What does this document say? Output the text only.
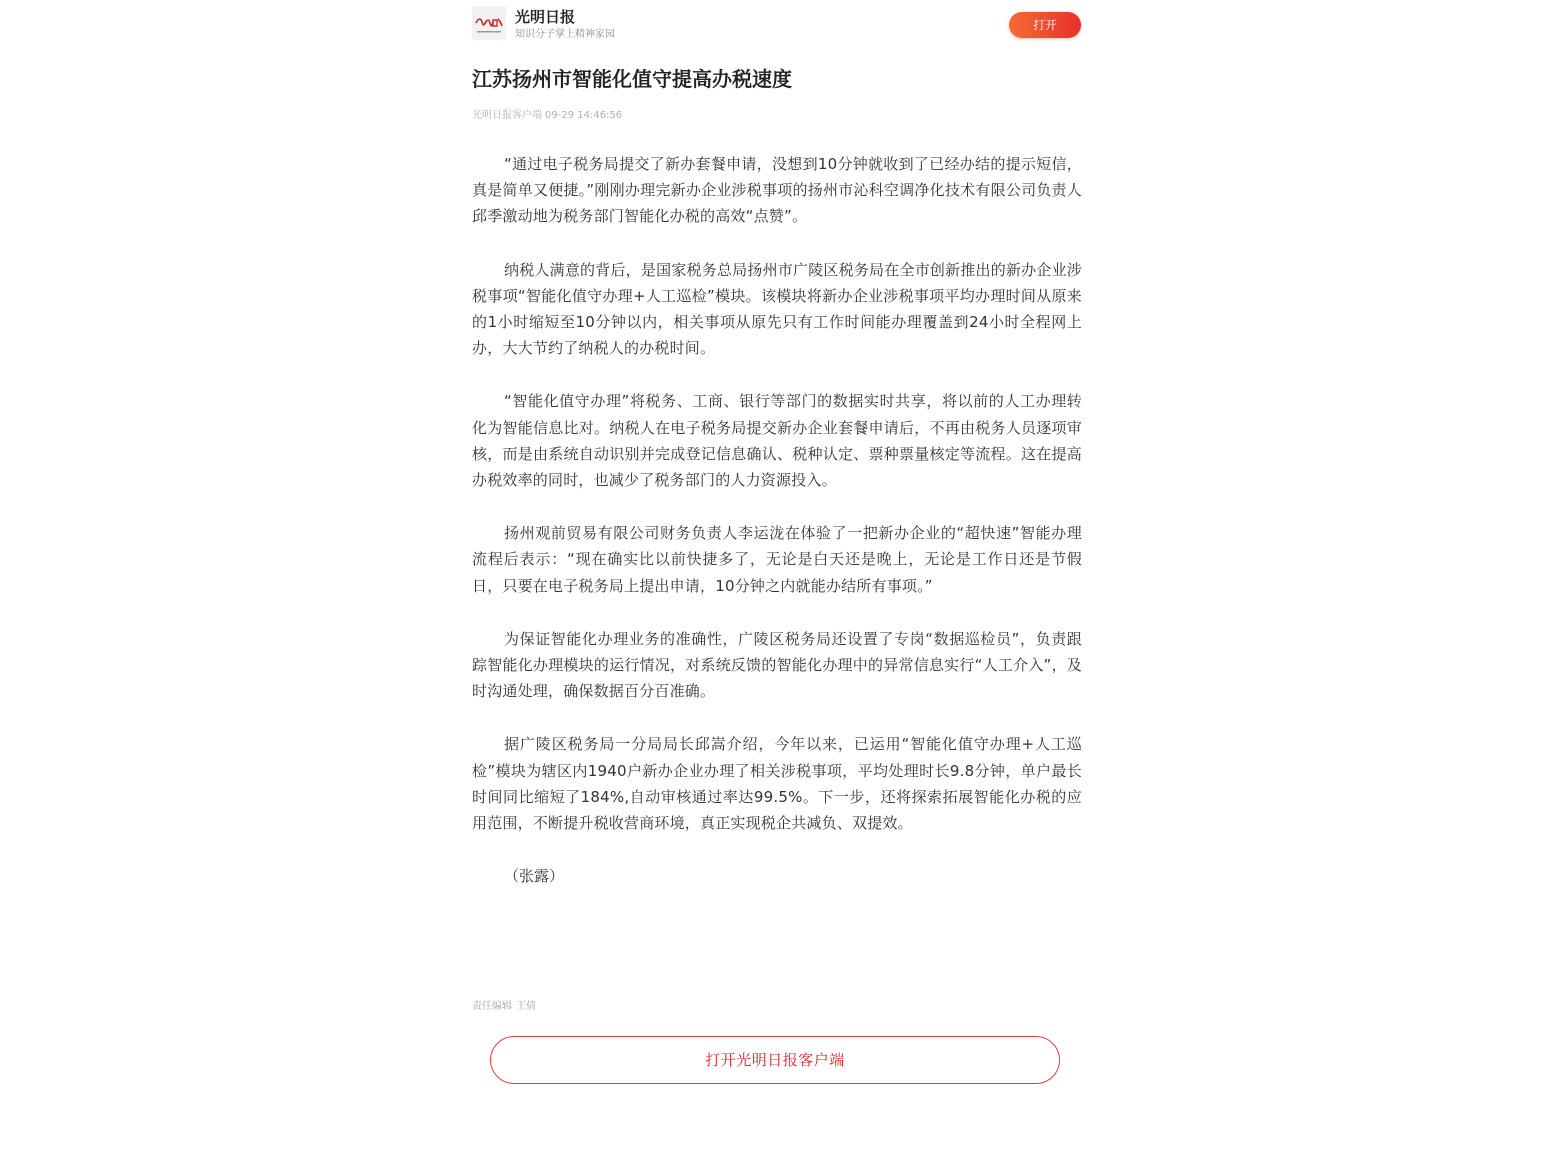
光明日报
知识分子掌上精神家园
打开
江苏扬州市智能化值守提高办税速度
光明日报客户端 09-29 14:46:56

“通过电子税务局提交了新办套餐申请，没想到10分钟就收到了已经办结的提示短信，真是简单又便捷。”刚刚办理完新办企业涉税事项的扬州市沁科空调净化技术有限公司负责人邱季激动地为税务部门智能化办税的高效“点赞”。

纳税人满意的背后，是国家税务总局扬州市广陵区税务局在全市创新推出的新办企业涉税事项“智能化值守办理+人工巡检”模块。该模块将新办企业涉税事项平均办理时间从原来的1小时缩短至10分钟以内，相关事项从原先只有工作时间能办理覆盖到24小时全程网上办，大大节约了纳税人的办税时间。

“智能化值守办理”将税务、工商、银行等部门的数据实时共享，将以前的人工办理转化为智能信息比对。纳税人在电子税务局提交新办企业套餐申请后，不再由税务人员逐项审核，而是由系统自动识别并完成登记信息确认、税种认定、票种票量核定等流程。这在提高办税效率的同时，也减少了税务部门的人力资源投入。

扬州观前贸易有限公司财务负责人李运泷在体验了一把新办企业的“超快速”智能办理流程后表示：“现在确实比以前快捷多了，无论是白天还是晚上，无论是工作日还是节假日，只要在电子税务局上提出申请，10分钟之内就能办结所有事项。”

为保证智能化办理业务的准确性，广陵区税务局还设置了专岗“数据巡检员”，负责跟踪智能化办理模块的运行情况，对系统反馈的智能化办理中的异常信息实行“人工介入”，及时沟通处理，确保数据百分百准确。

据广陵区税务局一分局局长邱嵩介绍，今年以来，已运用“智能化值守办理+人工巡检”模块为辖区内1940户新办企业办理了相关涉税事项，平均处理时长9.8分钟，单户最长时间同比缩短了184%,自动审核通过率达99.5%。下一步，还将探索拓展智能化办税的应用范围，不断提升税收营商环境，真正实现税企共减负、双提效。

（张露）

责任编辑 王倩
打开光明日报客户端
